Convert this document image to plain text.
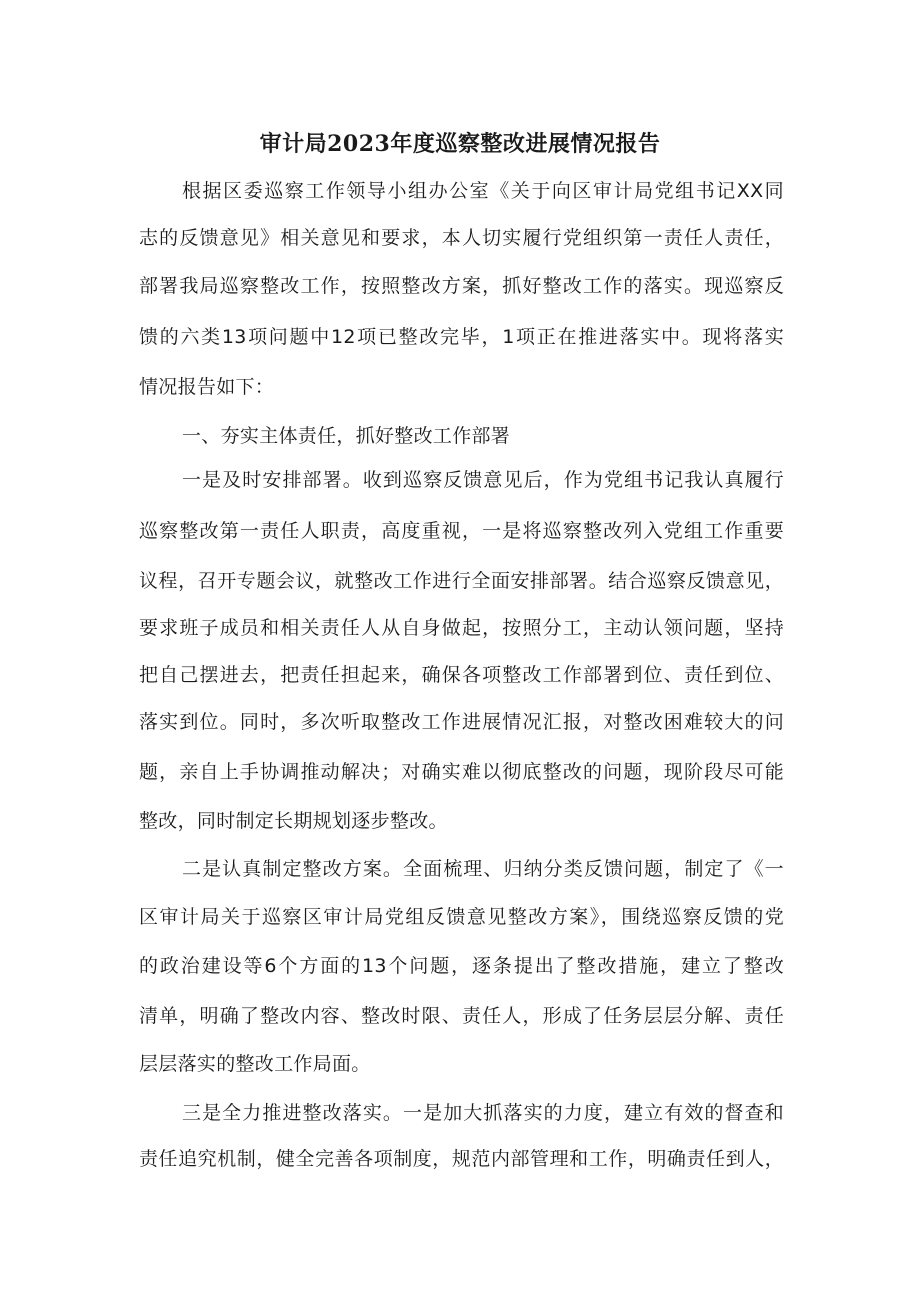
审计局2023年度巡察整改进展情况报告
根据区委巡察工作领导小组办公室《关于向区审计局党组书记XX同
志的反馈意见》相关意见和要求，本人切实履行党组织第一责任人责任，
部署我局巡察整改工作，按照整改方案，抓好整改工作的落实。现巡察反
馈的六类13项问题中12项已整改完毕，1项正在推进落实中。现将落实
情况报告如下：
一、夯实主体责任，抓好整改工作部署
一是及时安排部署。收到巡察反馈意见后，作为党组书记我认真履行
巡察整改第一责任人职责，高度重视，一是将巡察整改列入党组工作重要
议程，召开专题会议，就整改工作进行全面安排部署。结合巡察反馈意见，
要求班子成员和相关责任人从自身做起，按照分工，主动认领问题，坚持
把自己摆进去，把责任担起来，确保各项整改工作部署到位、责任到位、
落实到位。同时，多次听取整改工作进展情况汇报，对整改困难较大的问
题，亲自上手协调推动解决；对确实难以彻底整改的问题，现阶段尽可能
整改，同时制定长期规划逐步整改。
二是认真制定整改方案。全面梳理、归纳分类反馈问题，制定了《一
区审计局关于巡察区审计局党组反馈意见整改方案》，围绕巡察反馈的党
的政治建设等6个方面的13个问题，逐条提出了整改措施，建立了整改
清单，明确了整改内容、整改时限、责任人，形成了任务层层分解、责任
层层落实的整改工作局面。
三是全力推进整改落实。一是加大抓落实的力度，建立有效的督查和
责任追究机制，健全完善各项制度，规范内部管理和工作，明确责任到人，
